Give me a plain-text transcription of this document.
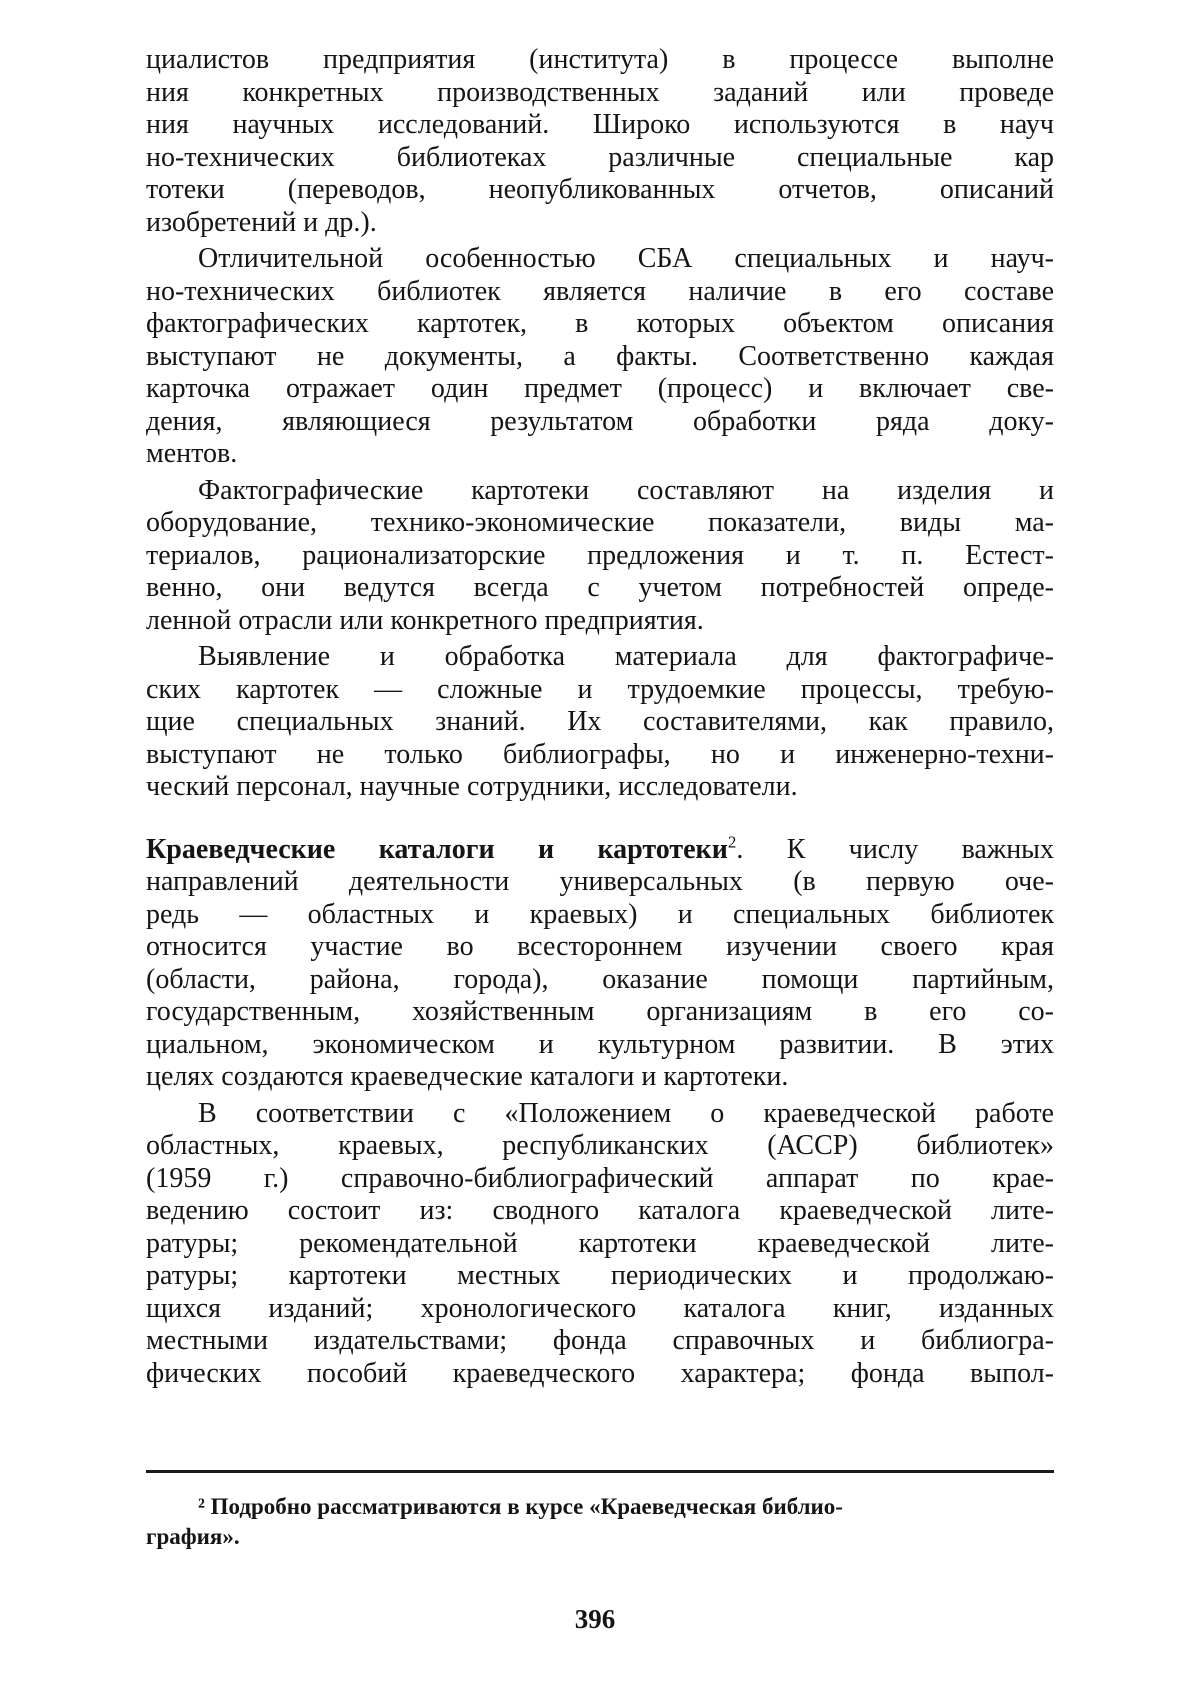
циалистов предприятия (института) в процессе выполне
ния конкретных производственных заданий или проведе
ния научных исследований. Широко используются в науч
но-технических библиотеках различные специальные кар
тотеки (переводов, неопубликованных отчетов, описаний
изобретений и др.).
Отличительной особенностью СБА специальных и науч-
но-технических библиотек является наличие в его составе
фактографических картотек, в которых объектом описания
выступают не документы, а факты. Соответственно каждая
карточка отражает один предмет (процесс) и включает све-
дения, являющиеся результатом обработки ряда доку-
ментов.
Фактографические картотеки составляют на изделия и
оборудование, технико-экономические показатели, виды ма-
териалов, рационализаторские предложения и т. п. Естест-
венно, они ведутся всегда с учетом потребностей опреде-
ленной отрасли или конкретного предприятия.
Выявление и обработка материала для фактографиче-
ских картотек — сложные и трудоемкие процессы, требую-
щие специальных знаний. Их составителями, как правило,
выступают не только библиографы, но и инженерно-техни-
ческий персонал, научные сотрудники, исследователи.
Краеведческие каталоги и картотеки$^2$. К числу важных
направлений деятельности универсальных (в первую оче-
редь — областных и краевых) и специальных библиотек
относится участие во всестороннем изучении своего края
(области, района, города), оказание помощи партийным,
государственным, хозяйственным организациям в его со-
циальном, экономическом и культурном развитии. В этих
целях создаются краеведческие каталоги и картотеки.
В соответствии с «Положением о краеведческой работе
областных, краевых, республиканских (АССР) библиотек»
(1959 г.) справочно-библиографический аппарат по крае-
ведению состоит из: сводного каталога краеведческой лите-
ратуры; рекомендательной картотеки краеведческой лите-
ратуры; картотеки местных периодических и продолжаю-
щихся изданий; хронологического каталога книг, изданных
местными издательствами; фонда справочных и библиогра-
фических пособий краеведческого характера; фонда выпол-
² Подробно рассматриваются в курсе «Краеведческая библио-
графия».
396
